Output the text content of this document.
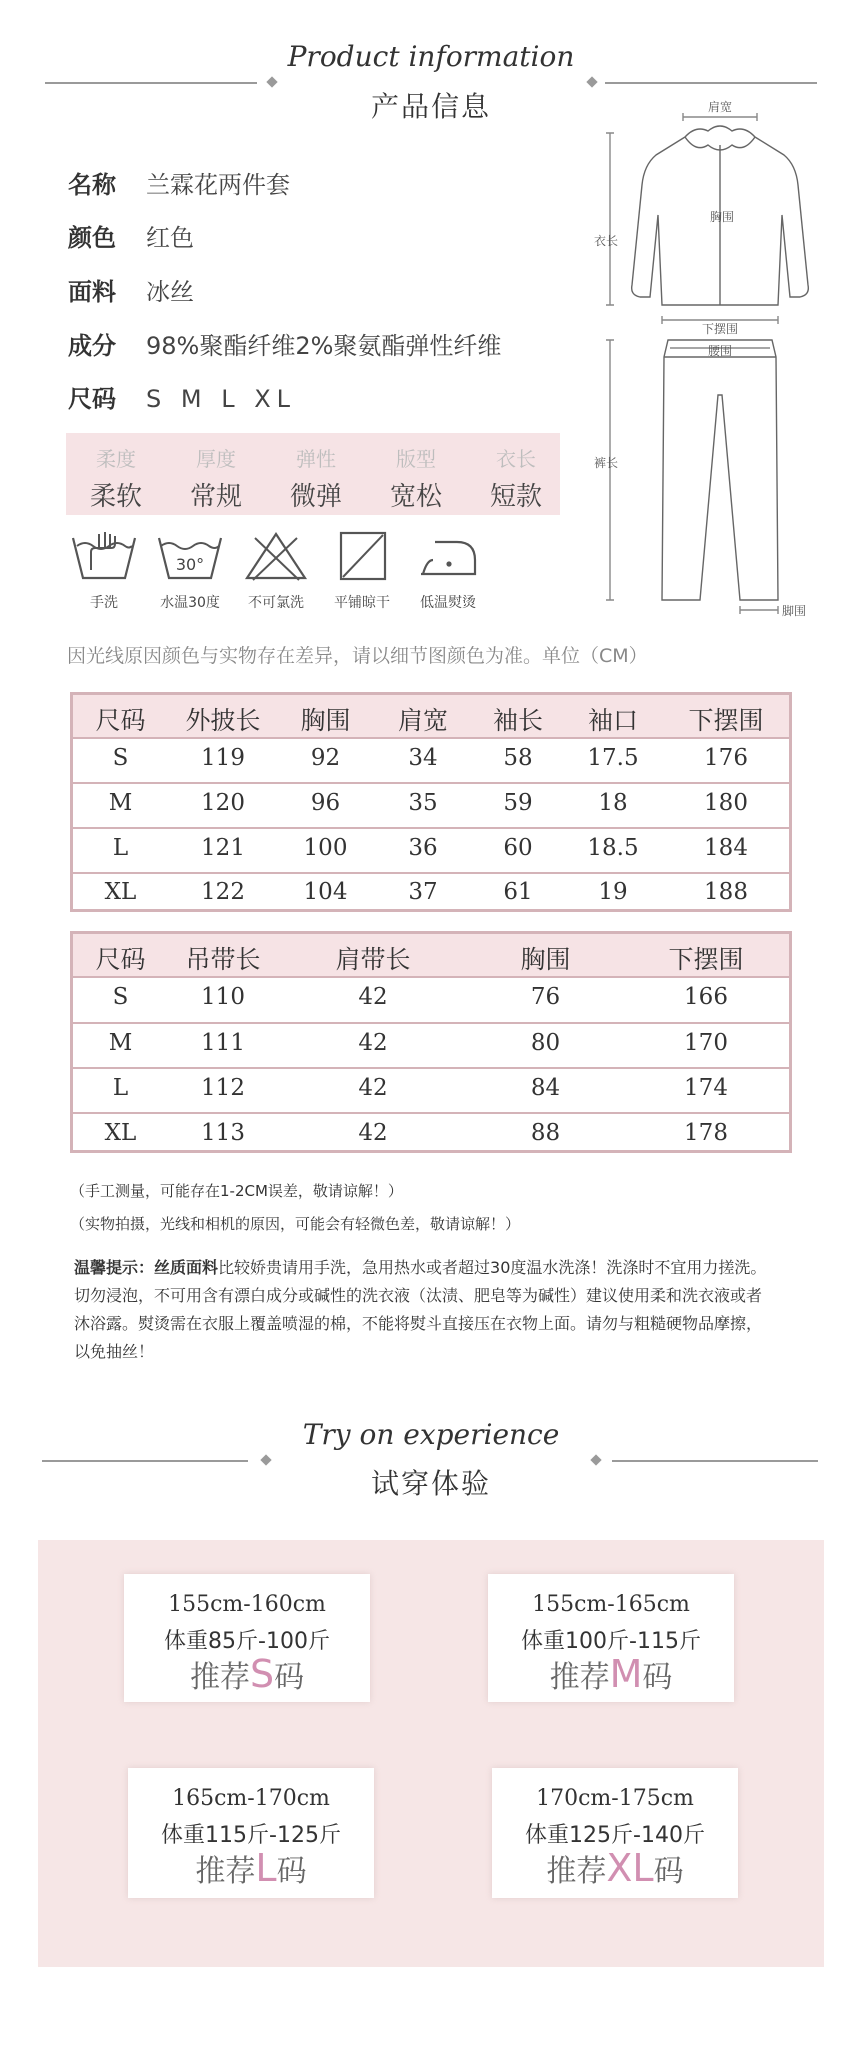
Product information
产品信息
名称 兰霖花两件套
颜色 红色
面料 冰丝
成分 98%聚酯纤维2%聚氨酯弹性纤维
尺码 S M L XL
柔度
柔软
厚度
常规
弹性
微弹
版型
宽松
衣长
短款
手洗
30°
水温30度	不可氯洗	平铺晾干	低温熨烫
肩宽
胸围
衣长
下摆围
腰围
裤长
脚围
因光线原因颜色与实物存在差异，请以细节图颜色为准。单位（CM）
尺码	外披长	胸围	肩宽	袖长	袖口	下摆围
S	119	92	34	58	17.5	176
M	120	96	35	59	18	180
L	121	100	36	60	18.5	184
XL	122	104	37	61	19	188
尺码	吊带长	肩带长	胸围	下摆围
S	110	42	76	166
M	111	42	80	170
L	112	42	84	174
XL	113	42	88	178
（手工测量，可能存在1-2CM误差，敬请谅解！）
（实物拍摄，光线和相机的原因，可能会有轻微色差，敬请谅解！）
温馨提示：丝质面料比较娇贵请用手洗，急用热水或者超过30度温水洗涤！洗涤时不宜用力搓洗。切勿浸泡，不可用含有漂白成分或碱性的洗衣液（汰渍、肥皂等为碱性）建议使用柔和洗衣液或者沐浴露。熨烫需在衣服上覆盖喷湿的棉，不能将熨斗直接压在衣物上面。请勿与粗糙硬物品摩擦，以免抽丝！
Try on experience
试穿体验
155cm-160cm
体重85斤-100斤
推荐S码
155cm-165cm
体重100斤-115斤
推荐M码
165cm-170cm
体重115斤-125斤
推荐L码
170cm-175cm
体重125斤-140斤
推荐XL码
